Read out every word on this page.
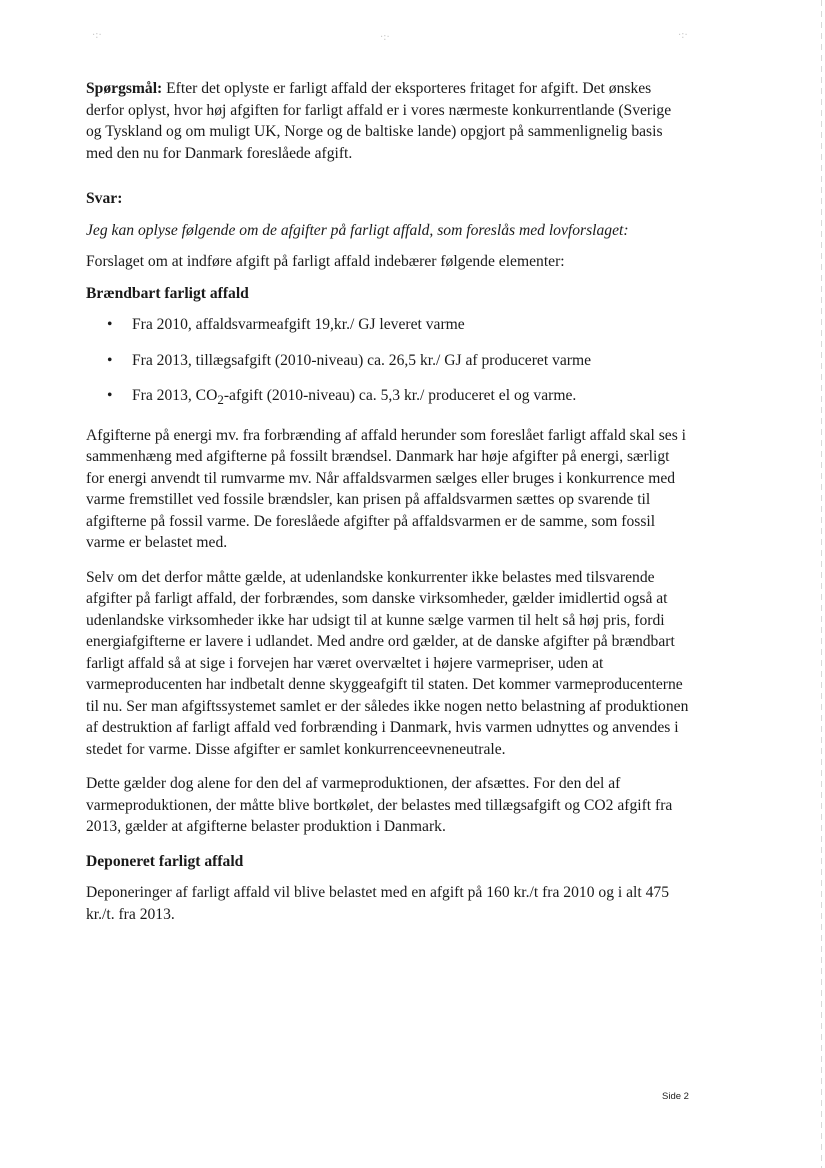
·:·	·:·	·:·

Spørgsmål: Efter det oplyste er farligt affald der eksporteres fritaget for afgift. Det ønskes derfor oplyst, hvor høj afgiften for farligt affald er i vores nærmeste konkurrentlande (Sverige og Tyskland og om muligt UK, Norge og de baltiske lande) opgjort på sammenlignelig basis med den nu for Danmark foreslåede afgift.

Svar:

Jeg kan oplyse følgende om de afgifter på farligt affald, som foreslås med lovforslaget:

Forslaget om at indføre afgift på farligt affald indebærer følgende elementer:

Brændbart farligt affald

• Fra 2010, affaldsvarmeafgift 19,kr./ GJ leveret varme
• Fra 2013, tillægsafgift (2010-niveau) ca. 26,5 kr./ GJ af produceret varme
• Fra 2013, $CO_2$-afgift (2010-niveau) ca. 5,3 kr./ produceret el og varme.

Afgifterne på energi mv. fra forbrænding af affald herunder som foreslået farligt affald skal ses i sammenhæng med afgifterne på fossilt brændsel. Danmark har høje afgifter på energi, særligt for energi anvendt til rumvarme mv. Når affaldsvarmen sælges eller bruges i konkurrence med varme fremstillet ved fossile brændsler, kan prisen på affaldsvarmen sættes op svarende til afgifterne på fossil varme. De foreslåede afgifter på affaldsvarmen er de samme, som fossil varme er belastet med.

Selv om det derfor måtte gælde, at udenlandske konkurrenter ikke belastes med tilsvarende afgifter på farligt affald, der forbrændes, som danske virksomheder, gælder imidlertid også at udenlandske virksomheder ikke har udsigt til at kunne sælge varmen til helt så høj pris, fordi energiafgifterne er lavere i udlandet. Med andre ord gælder, at de danske afgifter på brændbart farligt affald så at sige i forvejen har været overvæltet i højere varmepriser, uden at varmeproducenten har indbetalt denne skyggeafgift til staten. Det kommer varmeproducenterne til nu. Ser man afgiftssystemet samlet er der således ikke nogen netto belastning af produktionen af destruktion af farligt affald ved forbrænding i Danmark, hvis varmen udnyttes og anvendes i stedet for varme. Disse afgifter er samlet konkurrenceevneneutrale.

Dette gælder dog alene for den del af varmeproduktionen, der afsættes. For den del af varmeproduktionen, der måtte blive bortkølet, der belastes med tillægsafgift og CO2 afgift fra 2013, gælder at afgifterne belaster produktion i Danmark.

Deponeret farligt affald

Deponeringer af farligt affald vil blive belastet med en afgift på 160 kr./t fra 2010 og i alt 475 kr./t. fra 2013.

Side 2
